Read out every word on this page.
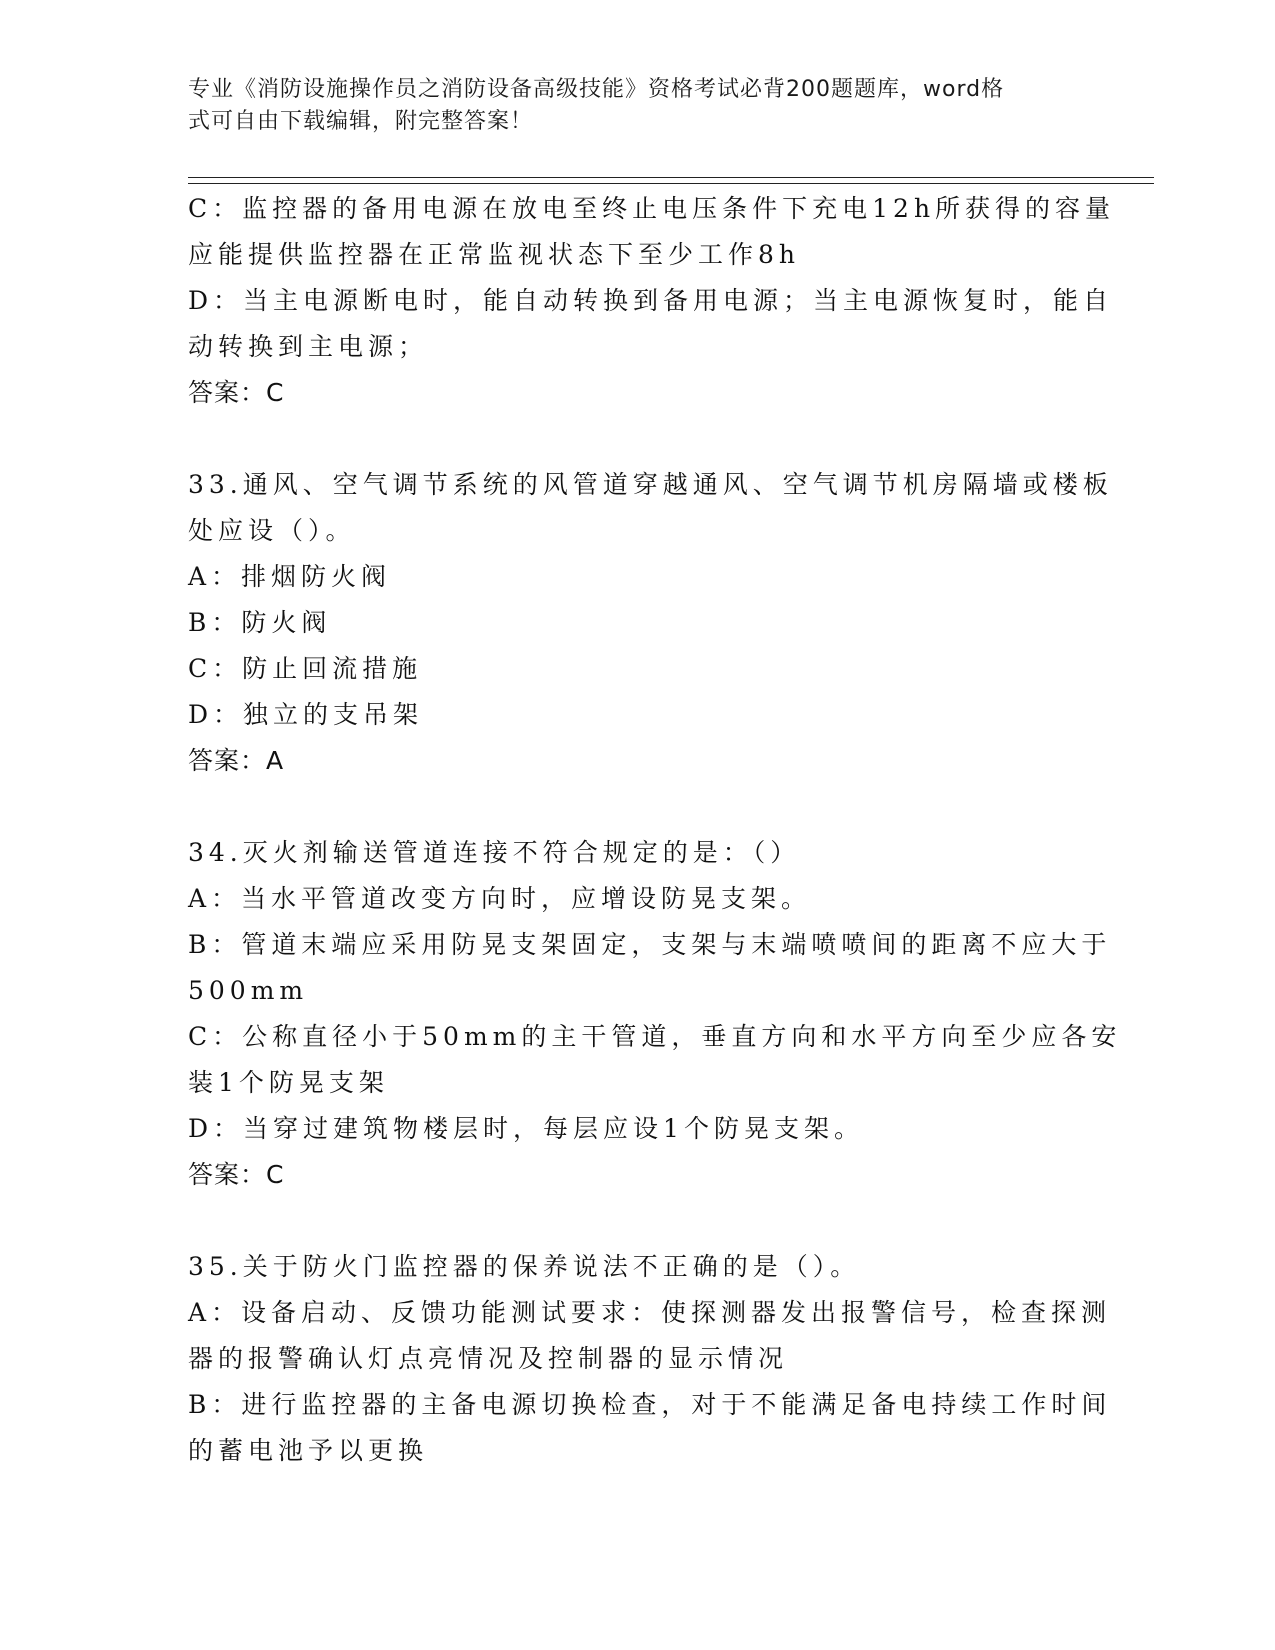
专业《消防设施操作员之消防设备高级技能》资格考试必背200题题库，word格
式可自由下载编辑，附完整答案！
C：监控器的备用电源在放电至终止电压条件下充电12h所获得的容量
应能提供监控器在正常监视状态下至少工作8h
D：当主电源断电时，能自动转换到备用电源；当主电源恢复时，能自
动转换到主电源；
答案：C
33.通风、空气调节系统的风管道穿越通风、空气调节机房隔墙或楼板
处应设（）。
A：排烟防火阀
B：防火阀
C：防止回流措施
D：独立的支吊架
答案：A
34.灭火剂输送管道连接不符合规定的是：（）
A：当水平管道改变方向时，应增设防晃支架。
B：管道末端应采用防晃支架固定，支架与末端喷喷间的距离不应大于
500mm
C：公称直径小于50mm的主干管道，垂直方向和水平方向至少应各安
装1个防晃支架
D：当穿过建筑物楼层时，每层应设1个防晃支架。
答案：C
35.关于防火门监控器的保养说法不正确的是（）。
A：设备启动、反馈功能测试要求：使探测器发出报警信号，检查探测
器的报警确认灯点亮情况及控制器的显示情况
B：进行监控器的主备电源切换检查，对于不能满足备电持续工作时间
的蓄电池予以更换
